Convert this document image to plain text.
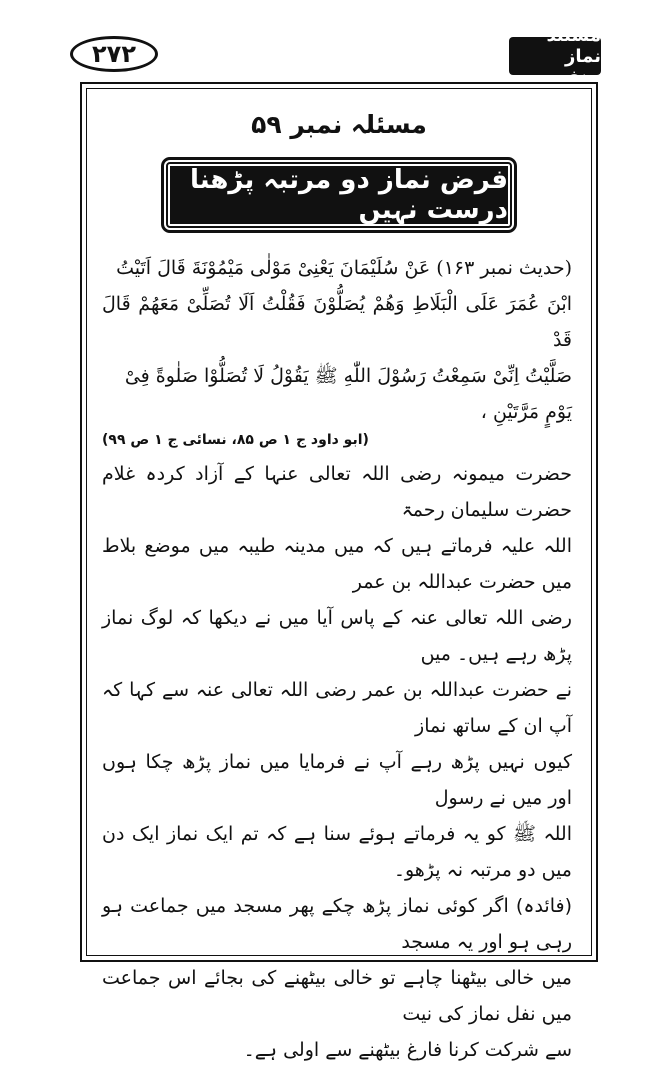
۲۷۲
مستند نماز حنفی
مسئلہ نمبر ۵۹
فرض نماز دو مرتبہ پڑھنا درست نہیں
(حدیث نمبر ۱۶۳) عَنْ سُلَيْمَانَ يَعْنِىْ مَوْلٰى مَيْمُوْنَةَ قَالَ اَتَيْتُ
ابْنَ عُمَرَ عَلَى الْبَلَاطِ وَهُمْ يُصَلُّوْنَ فَقُلْتُ اَلَا تُصَلِّىْ مَعَهُمْ قَالَ قَدْ
صَلَّيْتُ اِنِّىْ سَمِعْتُ رَسُوْلَ اللّٰهِ ﷺ يَقُوْلُ لَا تُصَلُّوْا صَلٰوةً فِىْ
يَوْمٍ مَرَّتَيْنِ ،
(ابو داود ج ۱ ص ۸۵، نسائی ج ۱ ص ۹۹)
حضرت میمونہ رضی اللہ تعالی عنہا کے آزاد کردہ غلام حضرت سلیمان رحمۃ
اللہ علیہ فرماتے ہیں کہ میں مدینہ طیبہ میں موضع بلاط میں حضرت عبداللہ بن عمر
رضی اللہ تعالی عنہ کے پاس آیا میں نے دیکھا کہ لوگ نماز پڑھ رہے ہیں۔ میں
نے حضرت عبداللہ بن عمر رضی اللہ تعالی عنہ سے کہا کہ آپ ان کے ساتھ نماز
کیوں نہیں پڑھ رہے آپ نے فرمایا میں نماز پڑھ چکا ہوں اور میں نے رسول
اللہ ﷺ کو یہ فرماتے ہوئے سنا ہے کہ تم ایک نماز ایک دن میں دو مرتبہ نہ پڑھو۔
(فائدہ) اگر کوئی نماز پڑھ چکے پھر مسجد میں جماعت ہو رہی ہو اور یہ مسجد
میں خالی بیٹھنا چاہے تو خالی بیٹھنے کی بجائے اس جماعت میں نفل نماز کی نیت
سے شرکت کرنا فارغ بیٹھنے سے اولی ہے۔
